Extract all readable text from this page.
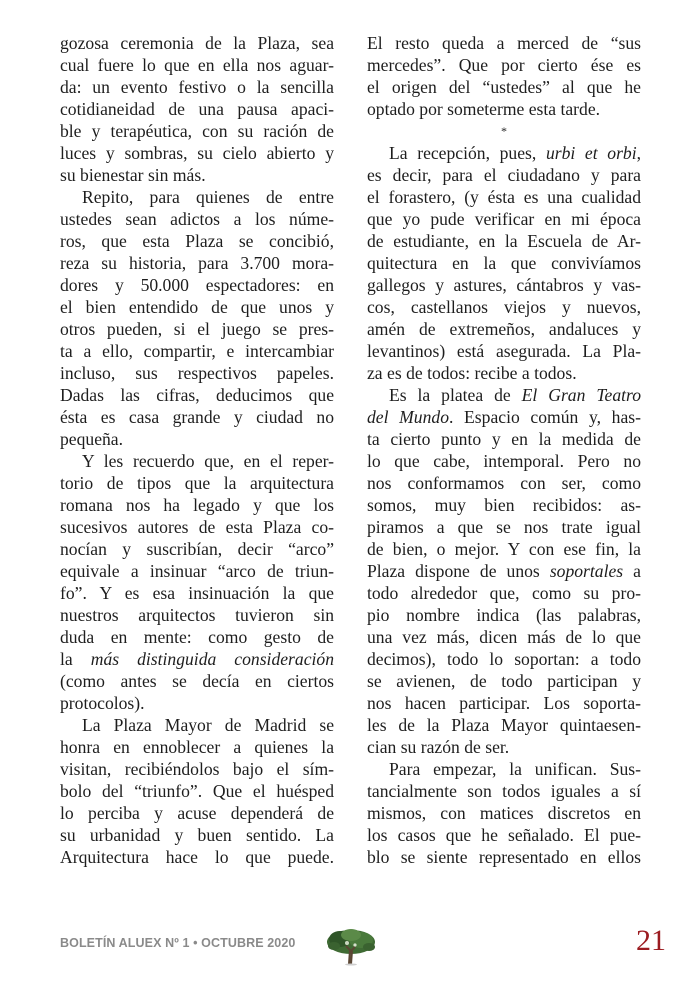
gozosa ceremonia de la Plaza, sea
cual fuere lo que en ella nos aguar-
da: un evento festivo o la sencilla
cotidianeidad de una pausa apaci-
ble y terapéutica, con su ración de
luces y sombras, su cielo abierto y
su bienestar sin más.
Repito, para quienes de entre
ustedes sean adictos a los núme-
ros, que esta Plaza se concibió,
reza su historia, para 3.700 mora-
dores y 50.000 espectadores: en
el bien entendido de que unos y
otros pueden, si el juego se pres-
ta a ello, compartir, e intercambiar
incluso, sus respectivos papeles.
Dadas las cifras, deducimos que
ésta es casa grande y ciudad no
pequeña.
Y les recuerdo que, en el reper-
torio de tipos que la arquitectura
romana nos ha legado y que los
sucesivos autores de esta Plaza co-
nocían y suscribían, decir “arco”
equivale a insinuar “arco de triun-
fo”. Y es esa insinuación la que
nuestros arquitectos tuvieron sin
duda en mente: como gesto de
la más distinguida consideración
(como antes se decía en ciertos
protocolos).
La Plaza Mayor de Madrid se
honra en ennoblecer a quienes la
visitan, recibiéndolos bajo el sím-
bolo del “triunfo”. Que el huésped
lo perciba y acuse dependerá de
su urbanidad y buen sentido. La
Arquitectura hace lo que puede.
El resto queda a merced de “sus
mercedes”. Que por cierto ése es
el origen del “ustedes” al que he
optado por someterme esta tarde.
*
La recepción, pues, urbi et orbi,
es decir, para el ciudadano y para
el forastero, (y ésta es una cualidad
que yo pude verificar en mi época
de estudiante, en la Escuela de Ar-
quitectura en la que convivíamos
gallegos y astures, cántabros y vas-
cos, castellanos viejos y nuevos,
amén de extremeños, andaluces y
levantinos) está asegurada. La Pla-
za es de todos: recibe a todos.
Es la platea de El Gran Teatro
del Mundo. Espacio común y, has-
ta cierto punto y en la medida de
lo que cabe, intemporal. Pero no
nos conformamos con ser, como
somos, muy bien recibidos: as-
piramos a que se nos trate igual
de bien, o mejor. Y con ese fin, la
Plaza dispone de unos soportales a
todo alrededor que, como su pro-
pio nombre indica (las palabras,
una vez más, dicen más de lo que
decimos), todo lo soportan: a todo
se avienen, de todo participan y
nos hacen participar. Los soporta-
les de la Plaza Mayor quintaesen-
cian su razón de ser.
Para empezar, la unifican. Sus-
tancialmente son todos iguales a sí
mismos, con matices discretos en
los casos que he señalado. El pue-
blo se siente representado en ellos
BOLETÍN ALUEX Nº 1 • OCTUBRE 2020	21
